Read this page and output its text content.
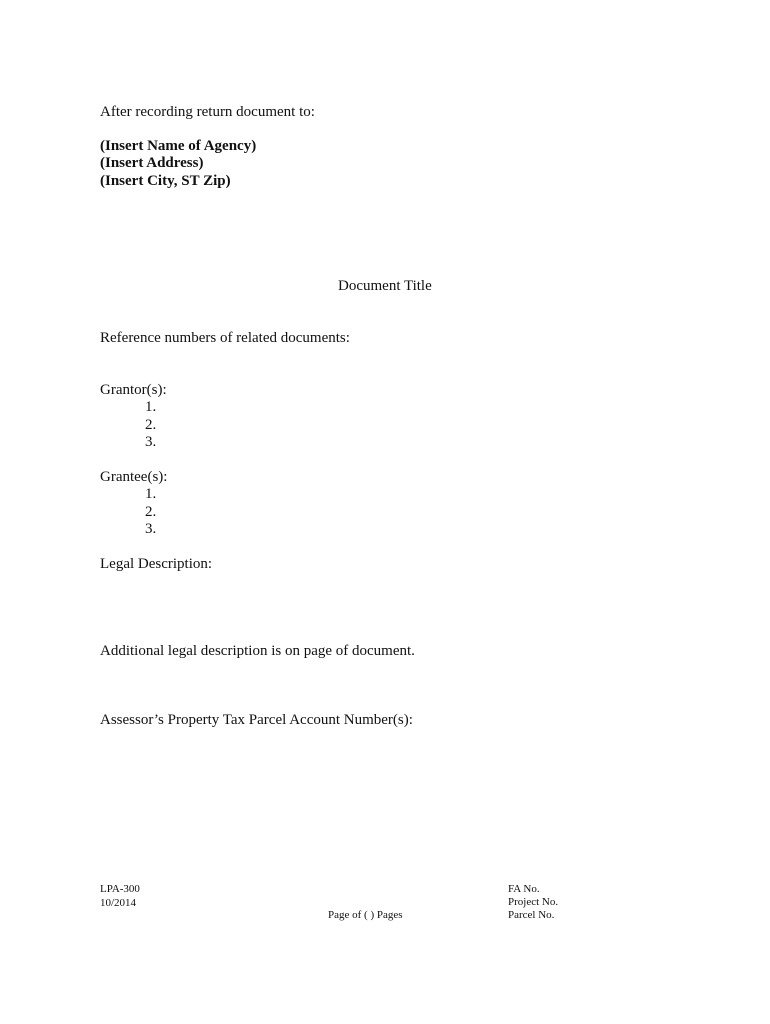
After recording return document to:
(Insert Name of Agency)
(Insert Address)
(Insert City, ST Zip)
Document Title
Reference numbers of related documents:
Grantor(s):
1.
2.
3.
Grantee(s):
1.
2.
3.
Legal Description:
Additional legal description is on page of document.
Assessor’s Property Tax Parcel Account Number(s):
LPA-300
10/2014
Page of ( ) Pages
FA No.
Project No.
Parcel No.
